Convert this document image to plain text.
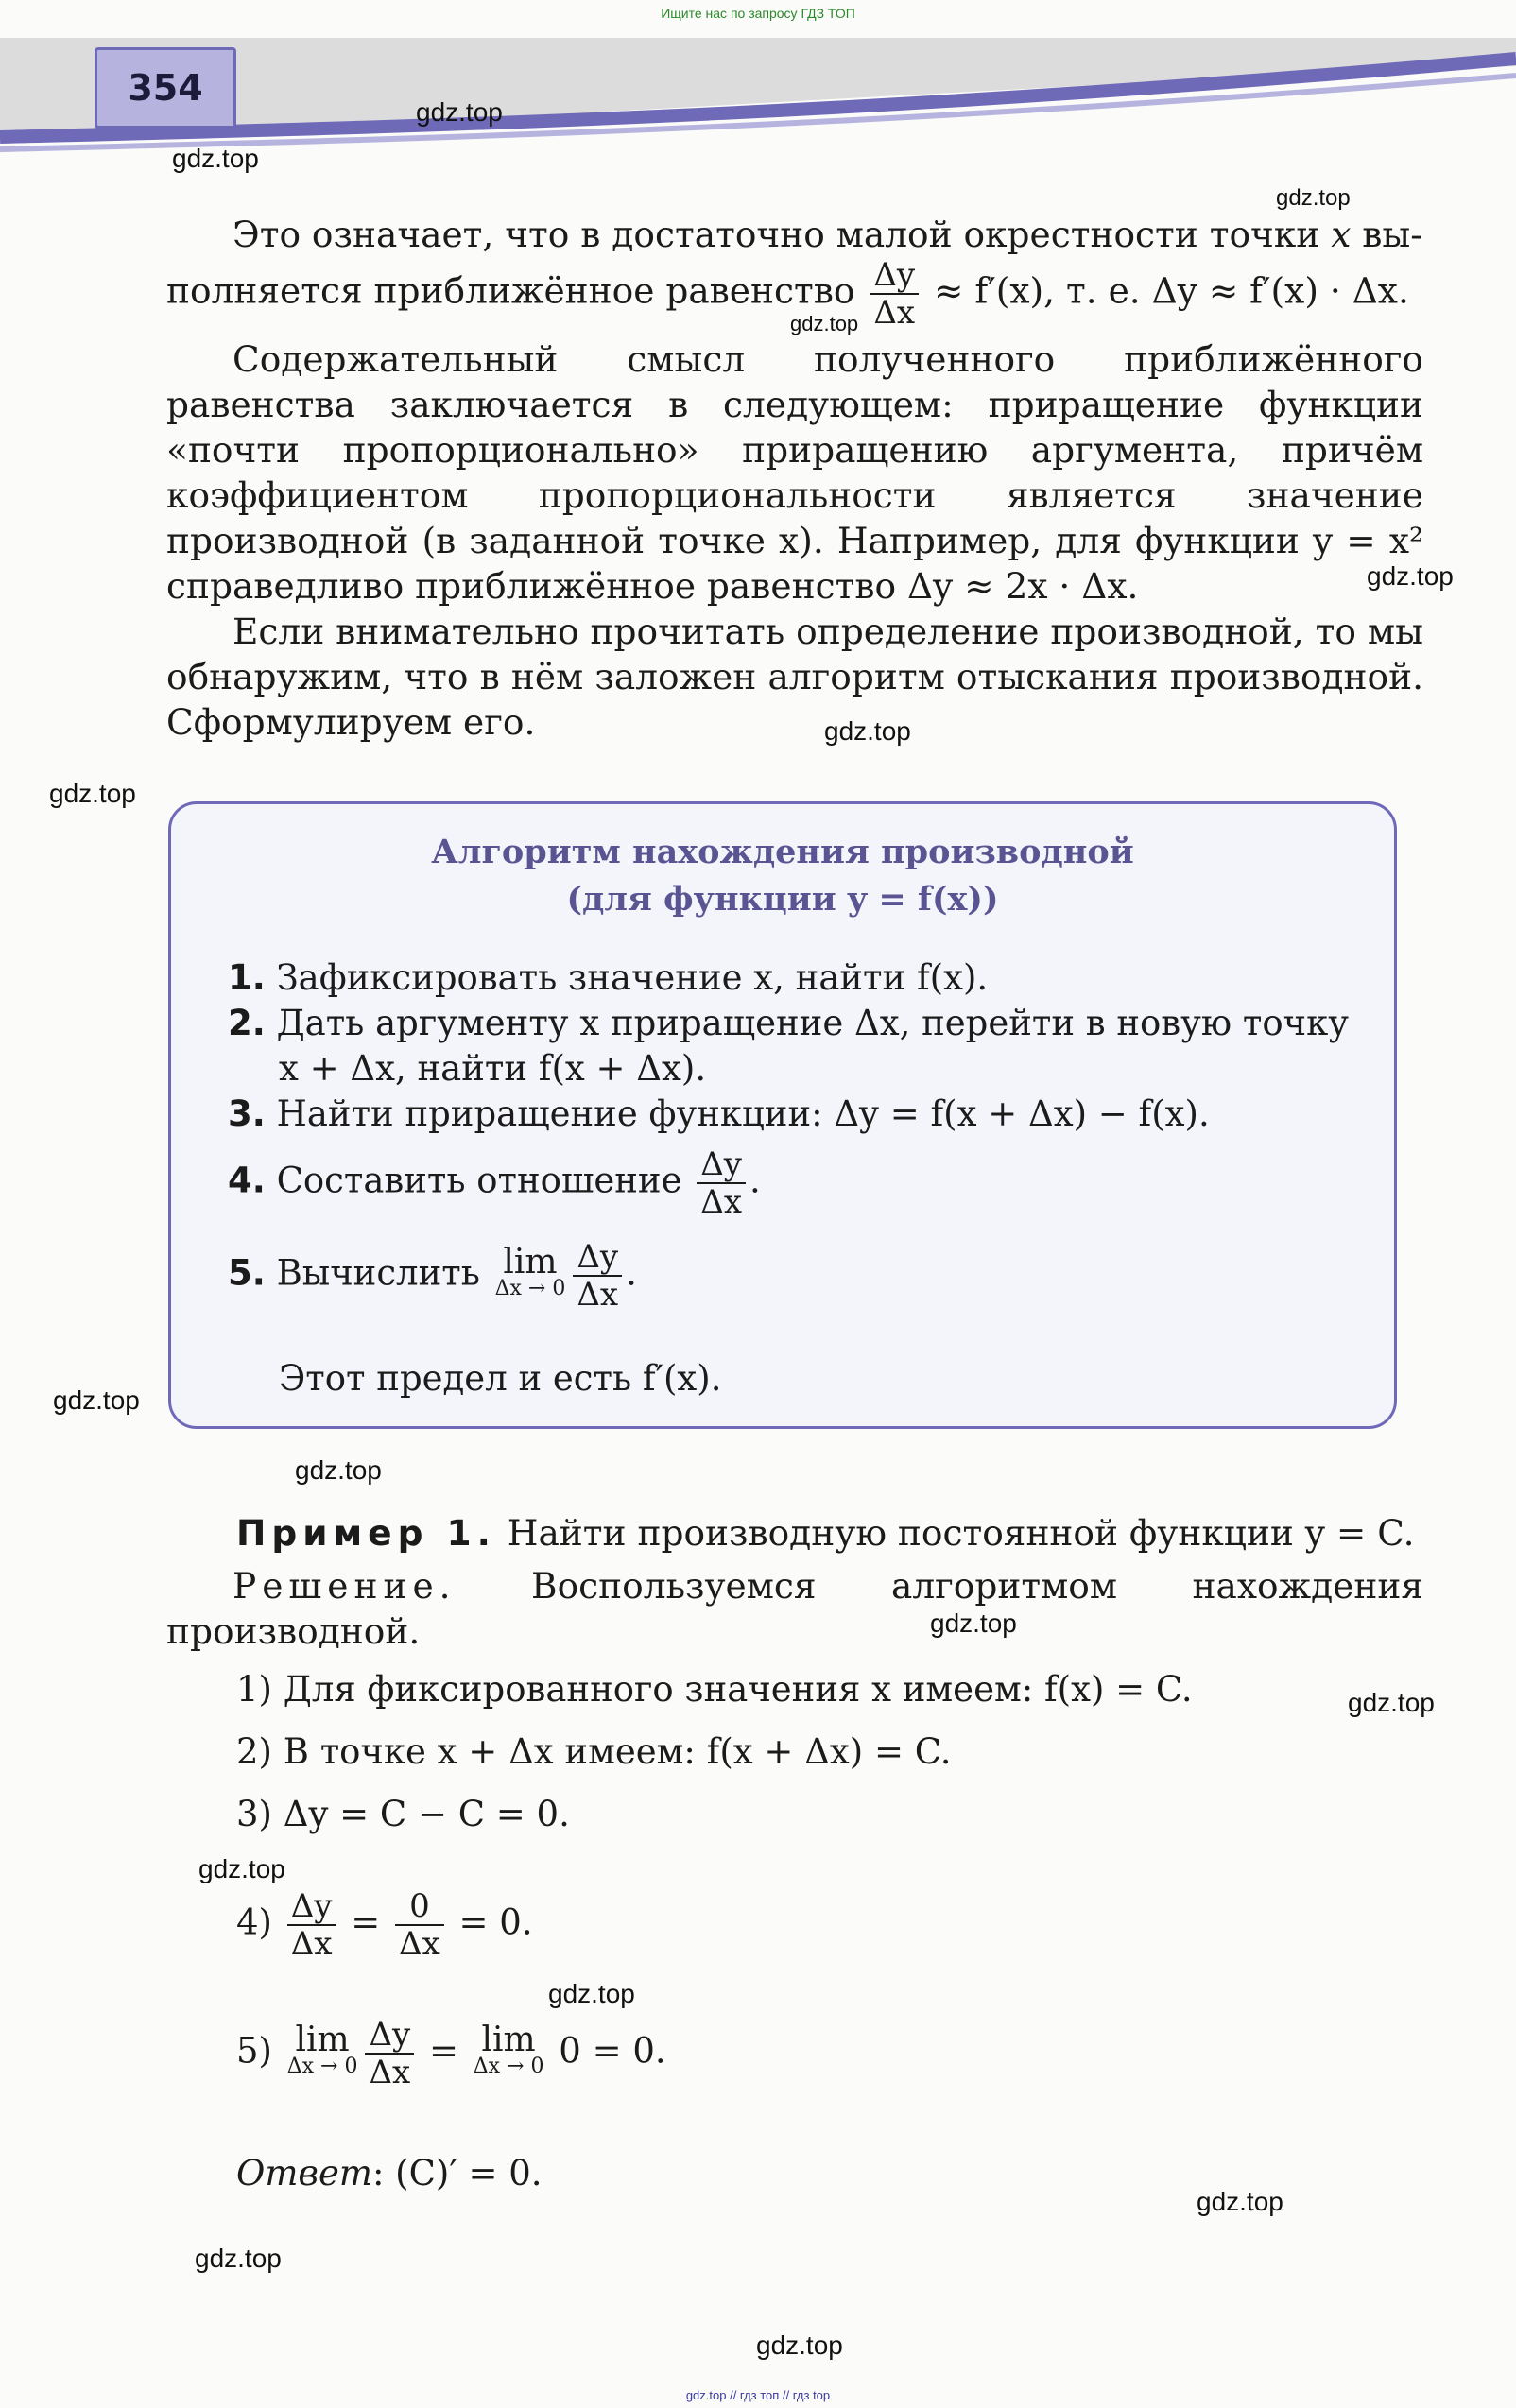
Ищите нас по запросу ГДЗ ТОП
354
gdz.top
gdz.top
gdz.top
gdz.top
gdz.top
gdz.top
gdz.top
gdz.top
gdz.top
gdz.top
gdz.top
gdz.top
gdz.top
gdz.top
gdz.top
gdz.top
Это означает, что в достаточно малой окрестности точки x вы-
полняется приближённое равенство $\frac{\Delta y}{\Delta x} \approx f'(x)$, т. е. Δy ≈ f′(x) · Δx.
Содержательный смысл полученного приближённого равенства заключается в следующем: приращение функции «почти пропорционально» приращению аргумента, причём коэффициентом пропорциональности является значение производной (в заданной точке x). Например, для функции y = x² справедливо приближённое равенство Δy ≈ 2x · Δx.
Если внимательно прочитать определение производной, то мы обнаружим, что в нём заложен алгоритм отыскания производной. Сформулируем его.
Алгоритм нахождения производной
(для функции y = f(x))
1. Зафиксировать значение x, найти f(x).
2. Дать аргументу x приращение Δx, перейти в новую точку
x + Δx, найти f(x + Δx).
3. Найти приращение функции: Δy = f(x + Δx) − f(x).
4. Составить отношение $\frac{\Delta y}{\Delta x}$ .
5. Вычислить lim
$\Delta x \to 0 \frac{\Delta y}{\Delta x}$ .
Этот предел и есть f′(x).
Пример 1. Найти производную постоянной функции y = C.
Решение. Воспользуемся алгоритмом нахождения производной.
1) Для фиксированного значения x имеем: f(x) = C.
2) В точке x + Δx имеем: f(x + Δx) = C.
3) Δy = C − C = 0.
$4) \frac{\Delta y}{\Delta x} = \frac{0}{\Delta x} = 0$.
5) lim
$\Delta x \to 0 \frac{\Delta y}{\Delta x} = \lim$
Δx → 0 0 = 0.
Ответ: (C)′ = 0.
gdz.top // гдз топ // гдз top
